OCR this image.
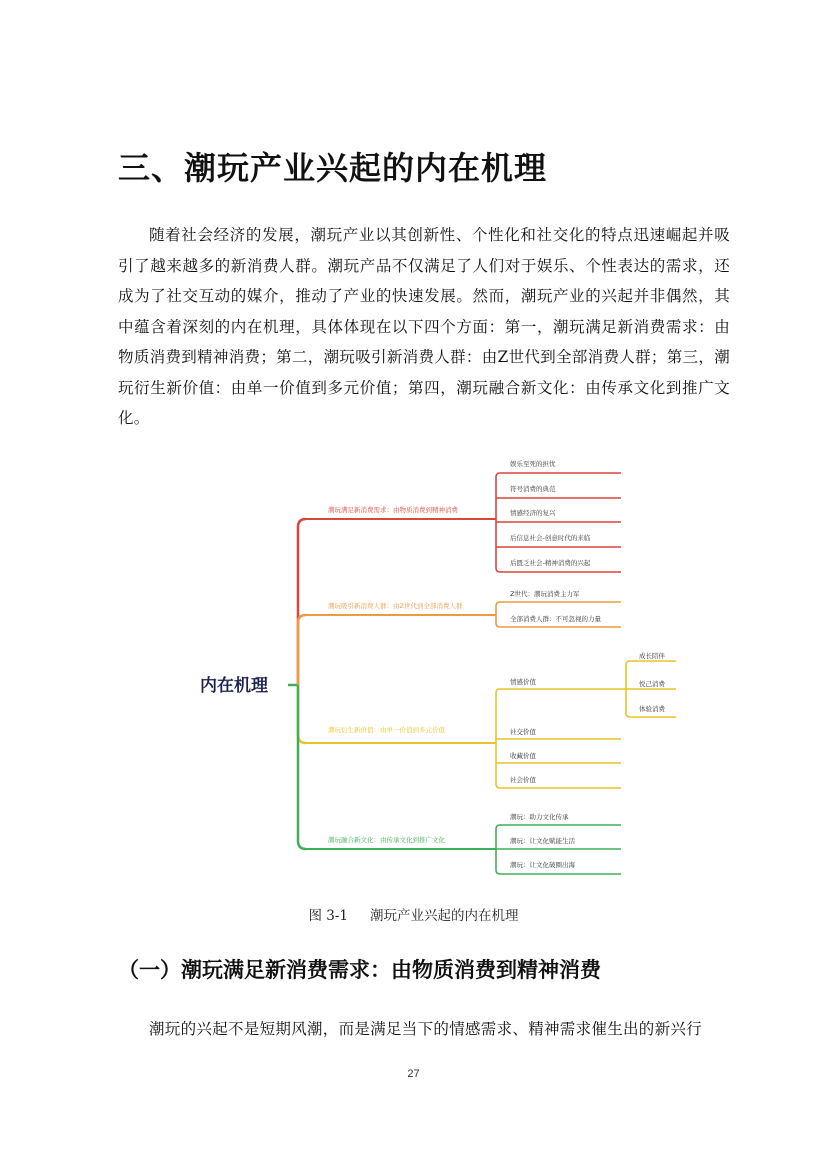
三、潮玩产业兴起的内在机理

随着社会经济的发展，潮玩产业以其创新性、个性化和社交化的特点迅速崛起并吸引了越来越多的新消费人群。潮玩产品不仅满足了人们对于娱乐、个性表达的需求，还成为了社交互动的媒介，推动了产业的快速发展。然而，潮玩产业的兴起并非偶然，其中蕴含着深刻的内在机理，具体体现在以下四个方面：第一，潮玩满足新消费需求：由物质消费到精神消费；第二，潮玩吸引新消费人群：由Z世代到全部消费人群；第三，潮玩衍生新价值：由单一价值到多元价值；第四，潮玩融合新文化：由传承文化到推广文化。

内在机理
潮玩满足新消费需求：由物质消费到精神消费
娱乐至死的担忧
符号消费的典范
情感经济的复兴
后信息社会-创意时代的来临
后匮乏社会-精神消费的兴起
潮玩吸引新消费人群：由Z世代到全部消费人群
Z世代：潮玩消费主力军
全部消费人群：不可忽视的力量
潮玩衍生新价值：由单一价值到多元价值
情感价值
社交价值
收藏价值
社会价值
成长陪伴
悦己消费
体验消费
潮玩融合新文化：由传承文化到推广文化
潮玩：助力文化传承
潮玩：让文化赋能生活
潮玩：让文化破圈出海
图 3-1 潮玩产业兴起的内在机理
（一）潮玩满足新消费需求：由物质消费到精神消费

潮玩的兴起不是短期风潮，而是满足当下的情感需求、精神需求催生出的新兴行

27
